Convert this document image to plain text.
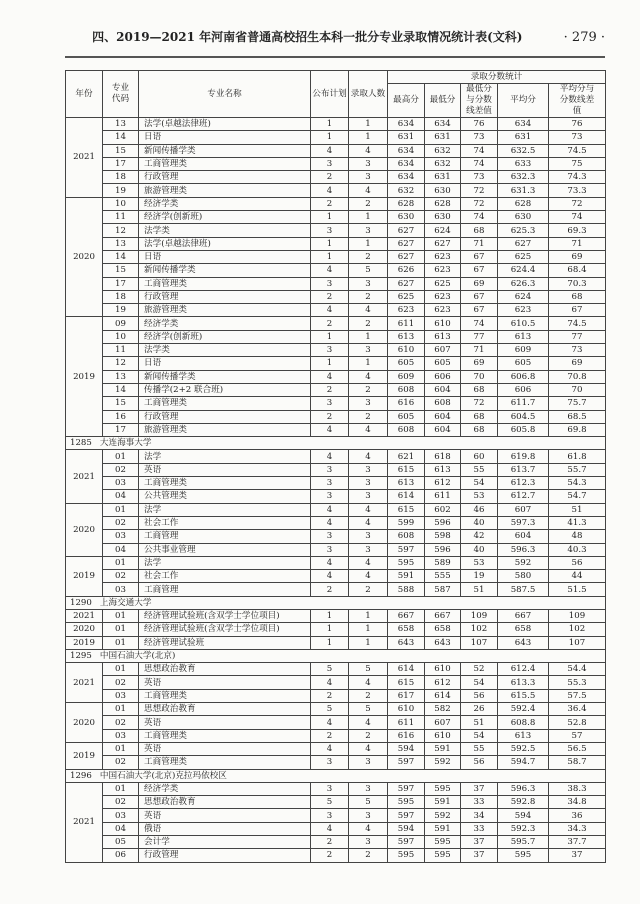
四、2019—2021 年河南省普通高校招生本科一批分专业录取情况统计表(文科)	· 279 ·
年份	专业代码	专业名称	公布计划	录取人数	录取分数统计				
					最高分	最低分	最低分与分数线差值	平均分	平均分与分数线差值
2021	13	法学(卓越法律班)	1	1	634	634	76	634	76
	14	日语	1	1	631	631	73	631	73
	15	新闻传播学类	4	4	634	632	74	632.5	74.5
	17	工商管理类	3	3	634	632	74	633	75
	18	行政管理	2	3	634	631	73	632.3	74.3
	19	旅游管理类	4	4	632	630	72	631.3	73.3
2020	10	经济学类	2	2	628	628	72	628	72
	11	经济学(创新班)	1	1	630	630	74	630	74
	12	法学类	3	3	627	624	68	625.3	69.3
	13	法学(卓越法律班)	1	1	627	627	71	627	71
	14	日语	1	2	627	623	67	625	69
	15	新闻传播学类	4	5	626	623	67	624.4	68.4
	17	工商管理类	3	3	627	625	69	626.3	70.3
	18	行政管理	2	2	625	623	67	624	68
	19	旅游管理类	4	4	623	623	67	623	67
2019	09	经济学类	2	2	611	610	74	610.5	74.5
	10	经济学(创新班)	1	1	613	613	77	613	77
	11	法学类	3	3	610	607	71	609	73
	12	日语	1	1	605	605	69	605	69
	13	新闻传播学类	4	4	609	606	70	606.8	70.8
	14	传播学(2+2 联合班)	2	2	608	604	68	606	70
	15	工商管理类	3	3	616	608	72	611.7	75.7
	16	行政管理	2	2	605	604	68	604.5	68.5
	17	旅游管理类	4	4	608	604	68	605.8	69.8
1285 大连海事大学									
2021	01	法学	4	4	621	618	60	619.8	61.8
	02	英语	3	3	615	613	55	613.7	55.7
	03	工商管理类	3	3	613	612	54	612.3	54.3
	04	公共管理类	3	3	614	611	53	612.7	54.7
2020	01	法学	4	4	615	602	46	607	51
	02	社会工作	4	4	599	596	40	597.3	41.3
	03	工商管理	3	3	608	598	42	604	48
	04	公共事业管理	3	3	597	596	40	596.3	40.3
2019	01	法学	4	4	595	589	53	592	56
	02	社会工作	4	4	591	555	19	580	44
	03	工商管理	2	2	588	587	51	587.5	51.5
1290 上海交通大学									
2021	01	经济管理试验班(含双学士学位项目)	1	1	667	667	109	667	109
2020	01	经济管理试验班(含双学士学位项目)	1	1	658	658	102	658	102
2019	01	经济管理试验班	1	1	643	643	107	643	107
1295 中国石油大学(北京)									
2021	01	思想政治教育	5	5	614	610	52	612.4	54.4
	02	英语	4	4	615	612	54	613.3	55.3
	03	工商管理类	2	2	617	614	56	615.5	57.5
2020	01	思想政治教育	5	5	610	582	26	592.4	36.4
	02	英语	4	4	611	607	51	608.8	52.8
	03	工商管理类	2	2	616	610	54	613	57
2019	01	英语	4	4	594	591	55	592.5	56.5
	02	工商管理类	3	3	597	592	56	594.7	58.7
1296 中国石油大学(北京)克拉玛依校区									
2021	01	经济学类	3	3	597	595	37	596.3	38.3
	02	思想政治教育	5	5	595	591	33	592.8	34.8
	03	英语	3	3	597	592	34	594	36
	04	俄语	4	4	594	591	33	592.3	34.3
	05	会计学	2	3	597	595	37	595.7	37.7
	06	行政管理	2	2	595	595	37	595	37
